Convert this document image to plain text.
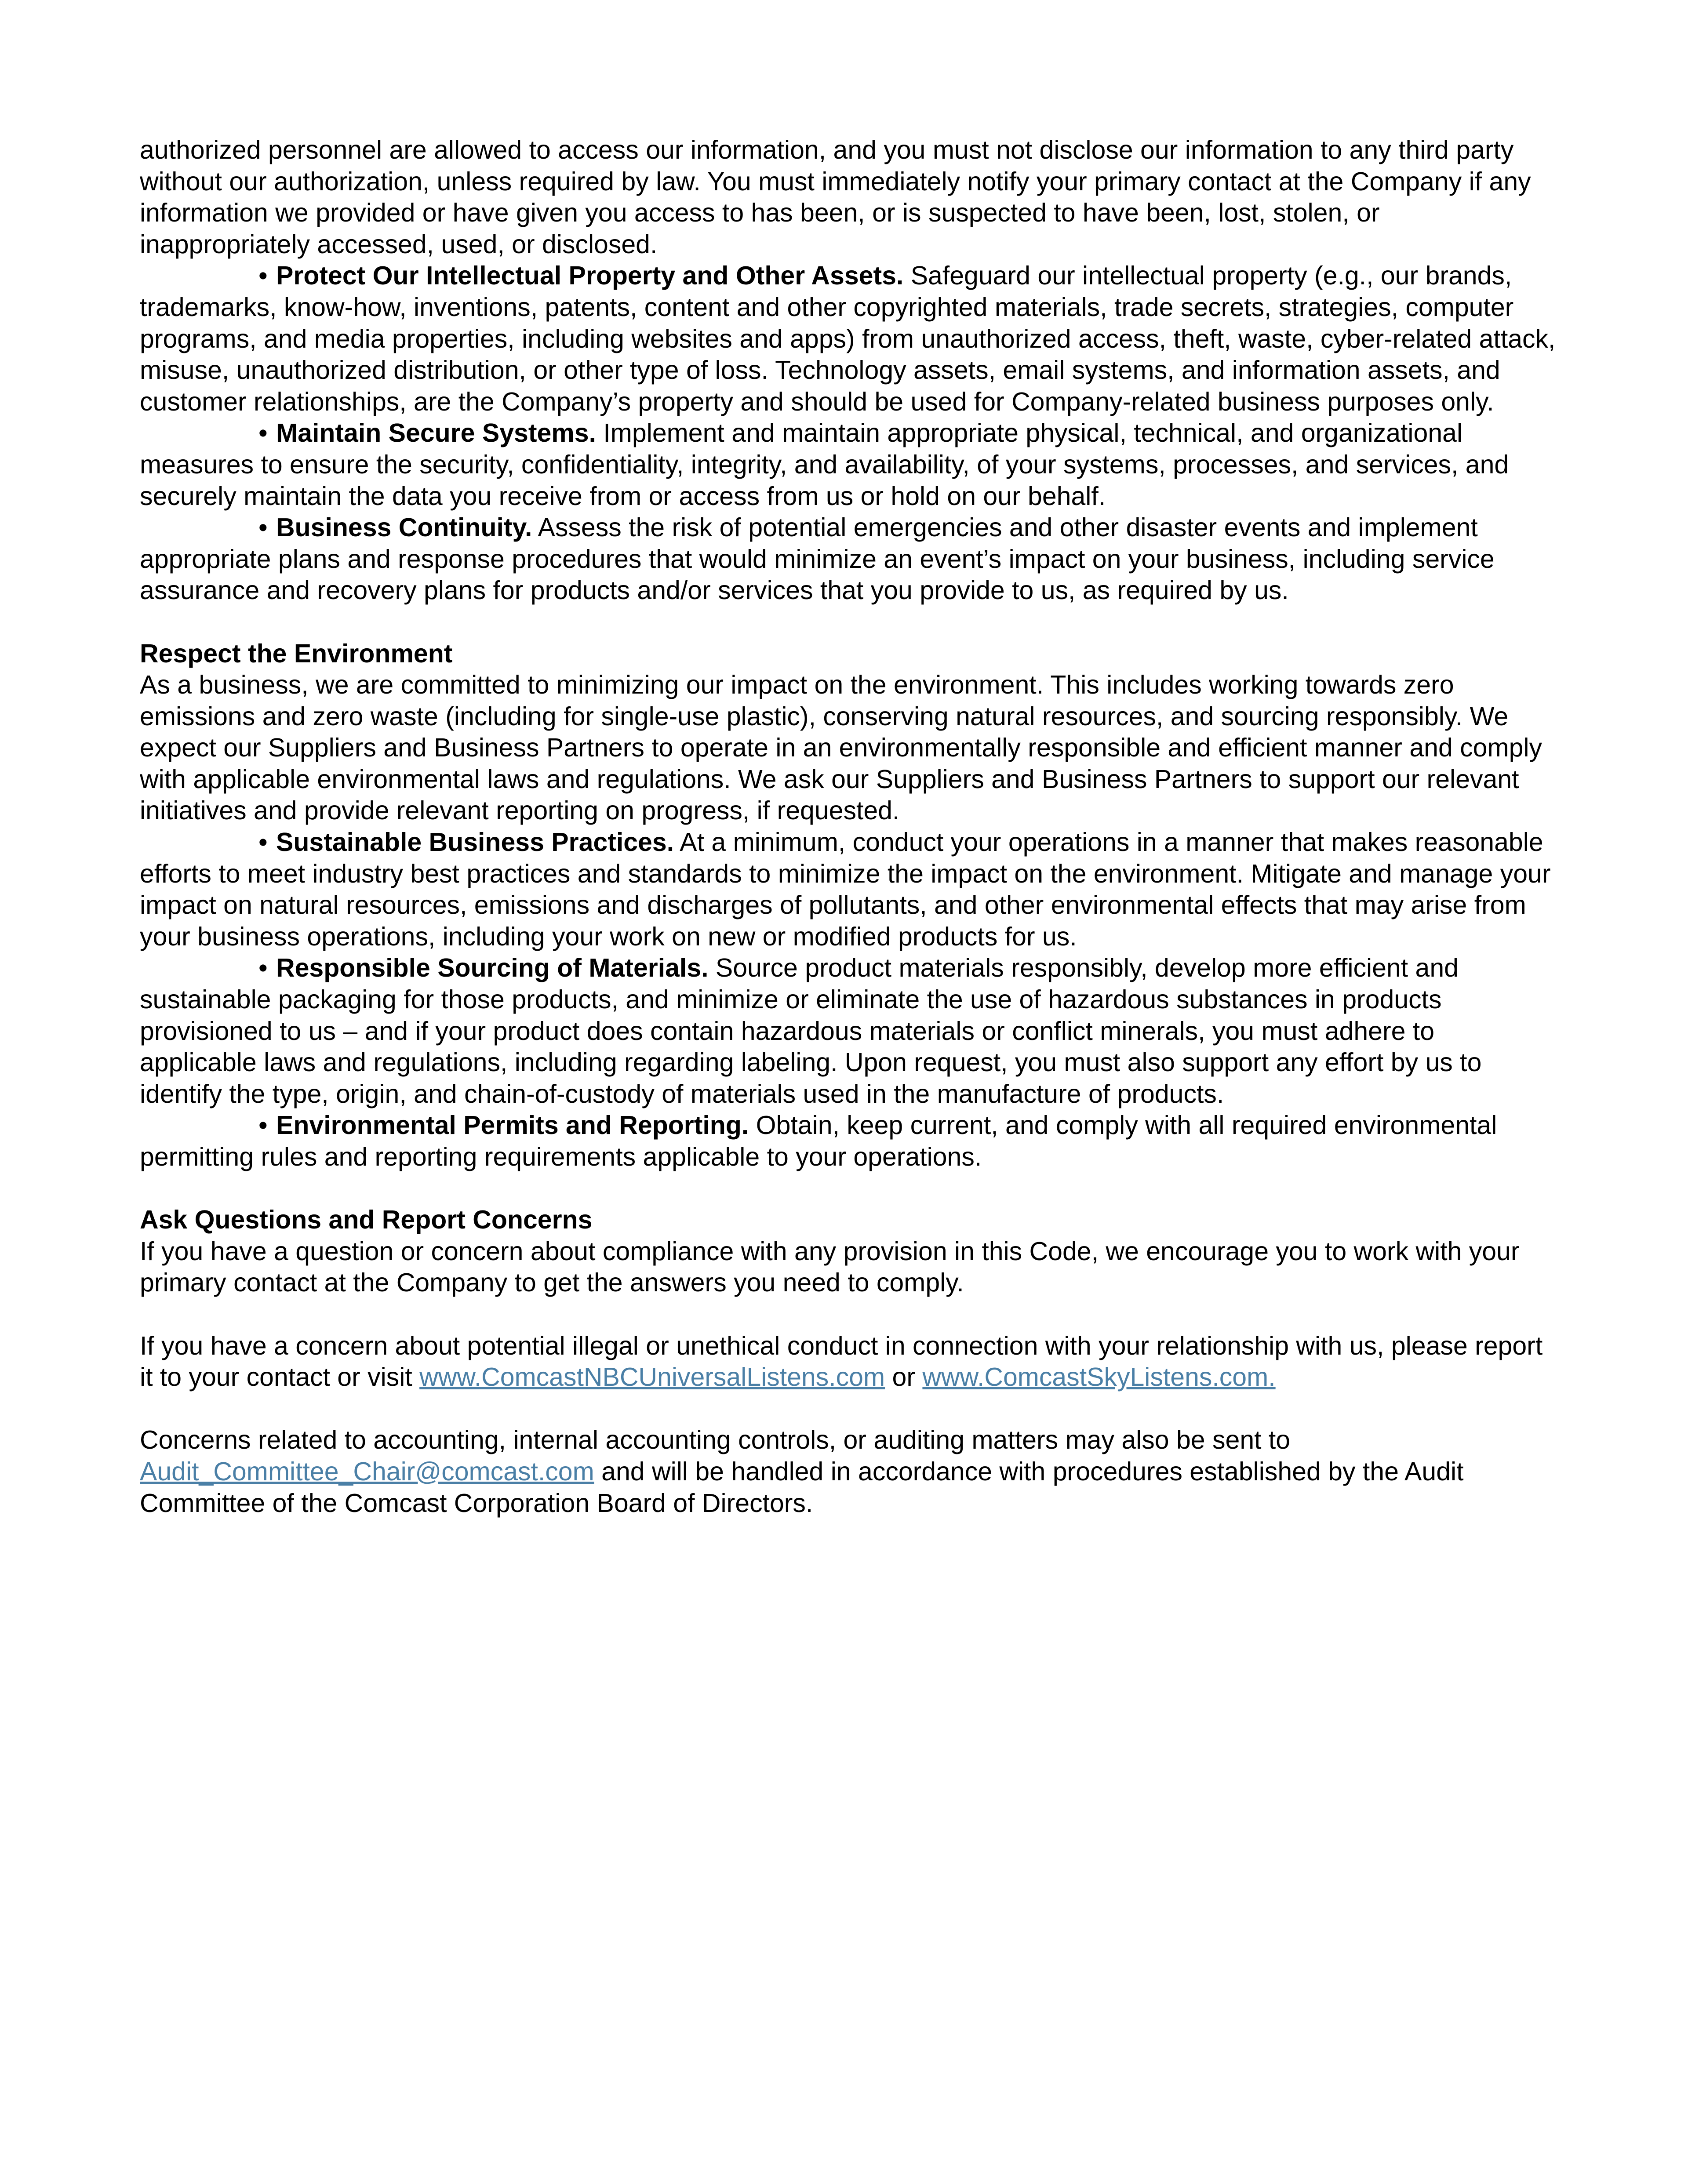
authorized personnel are allowed to access our information, and you must not disclose our information to any third party without our authorization, unless required by law. You must immediately notify your primary contact at the Company if any information we provided or have given you access to has been, or is suspected to have been, lost, stolen, or inappropriately accessed, used, or disclosed.

• Protect Our Intellectual Property and Other Assets. Safeguard our intellectual property (e.g., our brands, trademarks, know-how, inventions, patents, content and other copyrighted materials, trade secrets, strategies, computer programs, and media properties, including websites and apps) from unauthorized access, theft, waste, cyber-related attack, misuse, unauthorized distribution, or other type of loss. Technology assets, email systems, and information assets, and customer relationships, are the Company’s property and should be used for Company-related business purposes only.

• Maintain Secure Systems. Implement and maintain appropriate physical, technical, and organizational measures to ensure the security, confidentiality, integrity, and availability, of your systems, processes, and services, and securely maintain the data you receive from or access from us or hold on our behalf.

• Business Continuity. Assess the risk of potential emergencies and other disaster events and implement appropriate plans and response procedures that would minimize an event’s impact on your business, including service assurance and recovery plans for products and/or services that you provide to us, as required by us.

Respect the Environment

As a business, we are committed to minimizing our impact on the environment. This includes working towards zero emissions and zero waste (including for single-use plastic), conserving natural resources, and sourcing responsibly. We expect our Suppliers and Business Partners to operate in an environmentally responsible and efficient manner and comply with applicable environmental laws and regulations. We ask our Suppliers and Business Partners to support our relevant initiatives and provide relevant reporting on progress, if requested.

• Sustainable Business Practices. At a minimum, conduct your operations in a manner that makes reasonable efforts to meet industry best practices and standards to minimize the impact on the environment. Mitigate and manage your impact on natural resources, emissions and discharges of pollutants, and other environmental effects that may arise from your business operations, including your work on new or modified products for us.

• Responsible Sourcing of Materials. Source product materials responsibly, develop more efficient and sustainable packaging for those products, and minimize or eliminate the use of hazardous substances in products provisioned to us – and if your product does contain hazardous materials or conflict minerals, you must adhere to applicable laws and regulations, including regarding labeling. Upon request, you must also support any effort by us to identify the type, origin, and chain-of-custody of materials used in the manufacture of products.

• Environmental Permits and Reporting. Obtain, keep current, and comply with all required environmental permitting rules and reporting requirements applicable to your operations.

Ask Questions and Report Concerns

If you have a question or concern about compliance with any provision in this Code, we encourage you to work with your primary contact at the Company to get the answers you need to comply.

If you have a concern about potential illegal or unethical conduct in connection with your relationship with us, please report it to your contact or visit www.ComcastNBCUniversalListens.com or www.ComcastSkyListens.com.

Concerns related to accounting, internal accounting controls, or auditing matters may also be sent to Audit_Committee_Chair@comcast.com and will be handled in accordance with procedures established by the Audit Committee of the Comcast Corporation Board of Directors.
